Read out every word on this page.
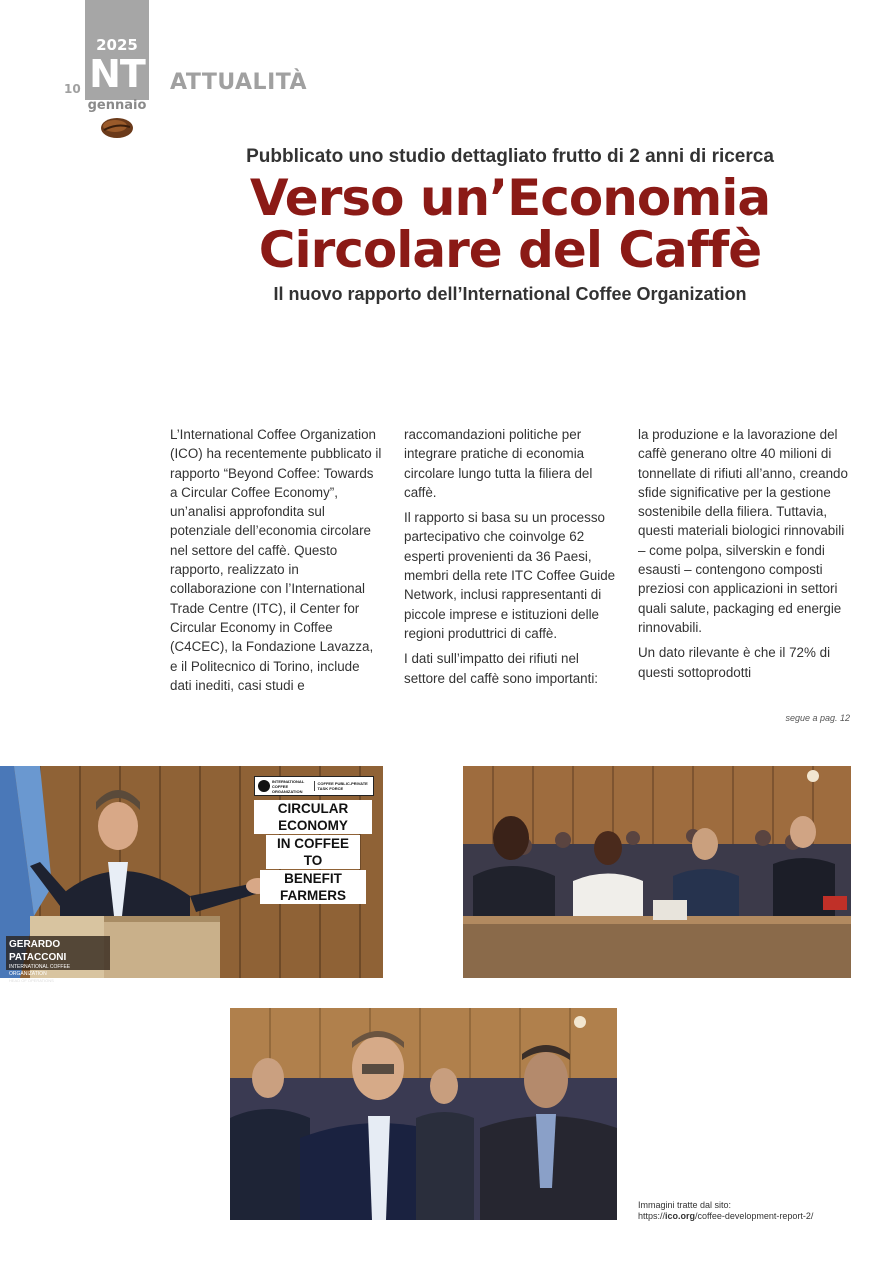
2025
NT
gennaio
10	ATTUALITÀ
Pubblicato uno studio dettagliato frutto di 2 anni di ricerca
Verso un’Economia
Circolare del Caffè
Il nuovo rapporto dell’International Coffee Organization

L’International Coffee Organization (ICO) ha recentemente pubblicato il rapporto “Beyond Coffee: Towards a Circular Coffee Economy”, un’analisi approfondita sul potenziale dell’economia circolare nel settore del caffè. Questo rapporto, realizzato in collaborazione con l’International Trade Centre (ITC), il Center for Circular Economy in Coffee (C4CEC), la Fondazione Lavazza, e il Politecnico di Torino, include dati inediti, casi studi e

raccomandazioni politiche per integrare pratiche di economia circolare lungo tutta la filiera del caffè.

Il rapporto si basa su un processo partecipativo che coinvolge 62 esperti provenienti da 36 Paesi, membri della rete ITC Coffee Guide Network, inclusi rappresentanti di piccole imprese e istituzioni delle regioni produttrici di caffè.

I dati sull’impatto dei rifiuti nel settore del caffè sono importanti:

la produzione e la lavorazione del caffè generano oltre 40 milioni di tonnellate di rifiuti all’anno, creando sfide significative per la gestione sostenibile della filiera. Tuttavia, questi materiali biologici rinnovabili – come polpa, silverskin e fondi esausti – contengono composti preziosi con applicazioni in settori quali salute, packaging ed energie rinnovabili.

Un dato rilevante è che il 72% di questi sottoprodotti

segue a pag. 12
INTERNATIONAL COFFEE ORGANIZATION
COFFEE PUBLIC-PRIVATE TASK FORCE
CIRCULAR ECONOMY
IN COFFEE TO
BENEFIT FARMERS
GERARDO PATACCONI
INTERNATIONAL COFFEE ORGANIZATION
HEAD OF OPERATIONS
Immagini tratte dal sito:
https://ico.org/coffee-development-report-2/
